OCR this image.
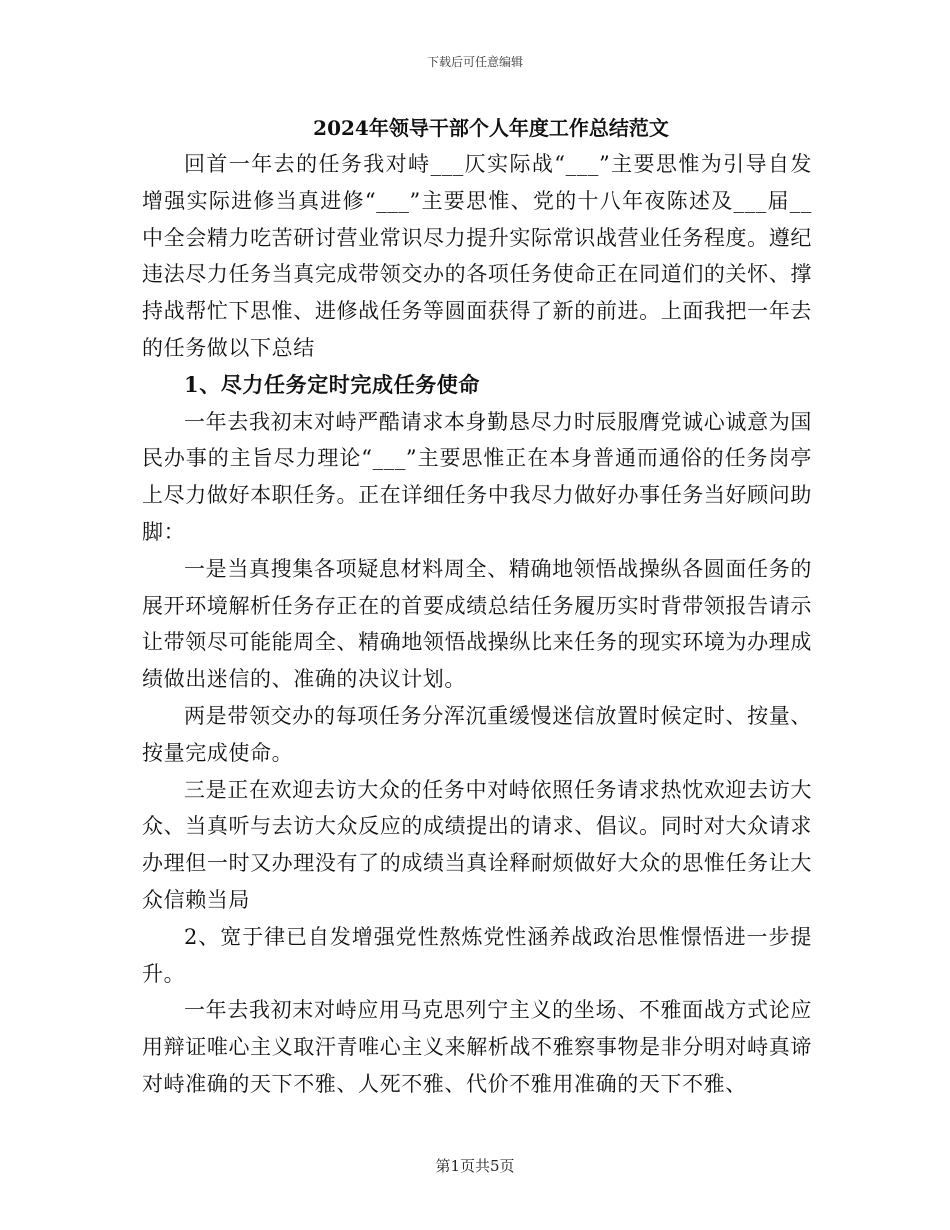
下载后可任意编辑
2024年领导干部个人年度工作总结范文

回首一年去的任务我对峙___仄实际战“___”主要思惟为引导自发增强实际进修当真进修“___”主要思惟、党的十八年夜陈述及___届__中全会精力吃苦研讨营业常识尽力提升实际常识战营业任务程度。遵纪违法尽力任务当真完成带领交办的各项任务使命正在同道们的关怀、撑持战帮忙下思惟、进修战任务等圆面获得了新的前进。上面我把一年去的任务做以下总结

1、尽力任务定时完成任务使命

一年去我初末对峙严酷请求本身勤恳尽力时辰服膺党诚心诚意为国民办事的主旨尽力理论“___”主要思惟正在本身普通而通俗的任务岗亭上尽力做好本职任务。正在详细任务中我尽力做好办事任务当好顾问助脚：

一是当真搜集各项疑息材料周全、精确地领悟战操纵各圆面任务的展开环境解析任务存正在的首要成绩总结任务履历实时背带领报告请示让带领尽可能能周全、精确地领悟战操纵比来任务的现实环境为办理成绩做出迷信的、准确的决议计划。

两是带领交办的每项任务分浑沉重缓慢迷信放置时候定时、按量、按量完成使命。

三是正在欢迎去访大众的任务中对峙依照任务请求热忱欢迎去访大众、当真听与去访大众反应的成绩提出的请求、倡议。同时对大众请求办理但一时又办理没有了的成绩当真诠释耐烦做好大众的思惟任务让大众信赖当局

2、宽于律已自发增强党性熬炼党性涵养战政治思惟憬悟进一步提升。

一年去我初末对峙应用马克思列宁主义的坐场、不雅面战方式论应用辩证唯心主义取汗青唯心主义来解析战不雅察事物是非分明对峙真谛对峙准确的天下不雅、人死不雅、代价不雅用准确的天下不雅、

第1页共5页
